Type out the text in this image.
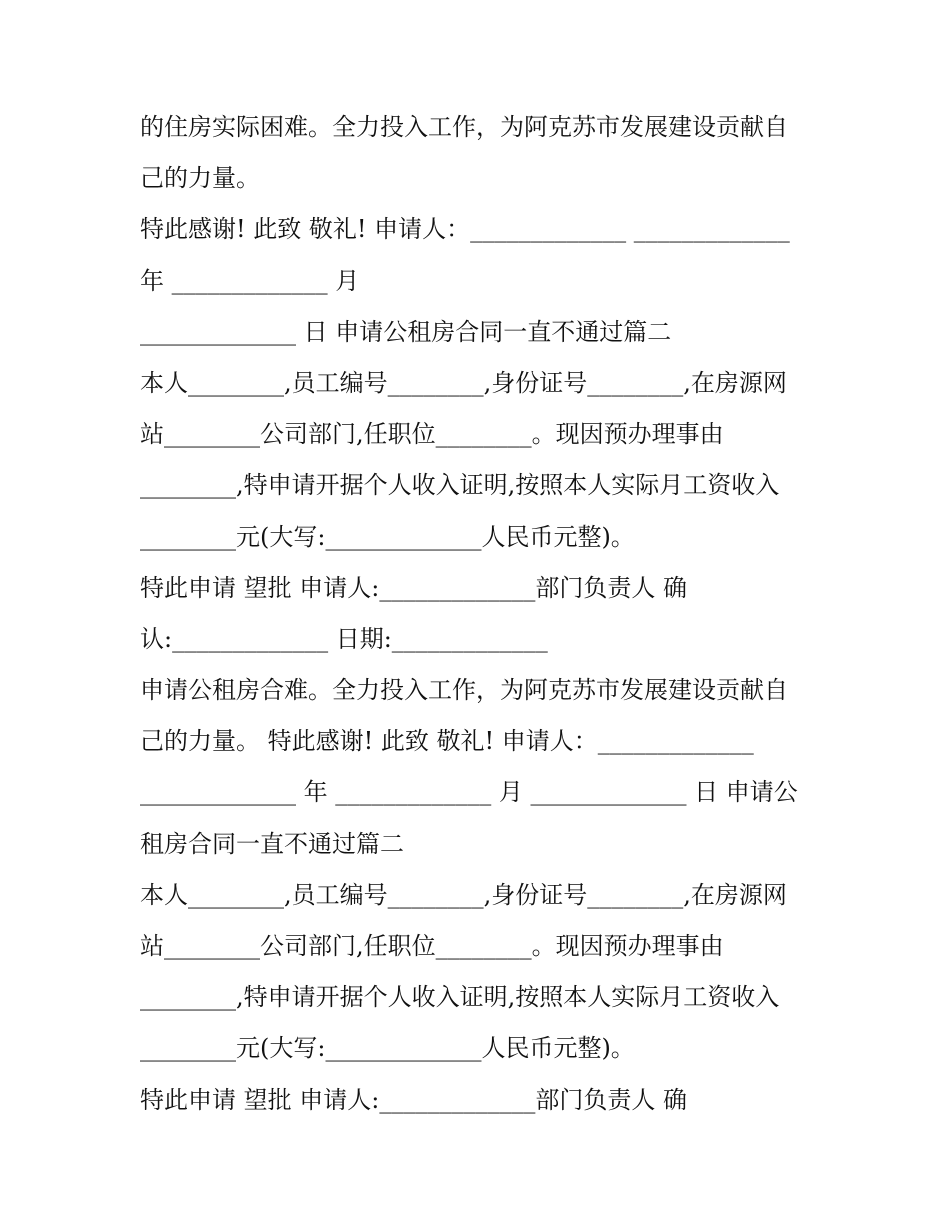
的住房实际困难。全力投入工作，为阿克苏市发展建设贡献自
己的力量。
特此感谢! 此致 敬礼! 申请人：_____________ _____________
年 _____________ 月
_____________ 日 申请公租房合同一直不通过篇二
本人________,员工编号________,身份证号________,在房源网
站________公司部门,任职位________。现因预办理事由
________,特申请开据个人收入证明,按照本人实际月工资收入
________元(大写:_____________人民币元整)。
特此申请 望批 申请人:_____________部门负责人 确
认:_____________ 日期:_____________
申请公租房合难。全力投入工作，为阿克苏市发展建设贡献自
己的力量。 特此感谢! 此致 敬礼! 申请人：_____________
_____________ 年 _____________ 月 _____________ 日 申请公
租房合同一直不通过篇二
本人________,员工编号________,身份证号________,在房源网
站________公司部门,任职位________。现因预办理事由
________,特申请开据个人收入证明,按照本人实际月工资收入
________元(大写:_____________人民币元整)。
特此申请 望批 申请人:_____________部门负责人 确
